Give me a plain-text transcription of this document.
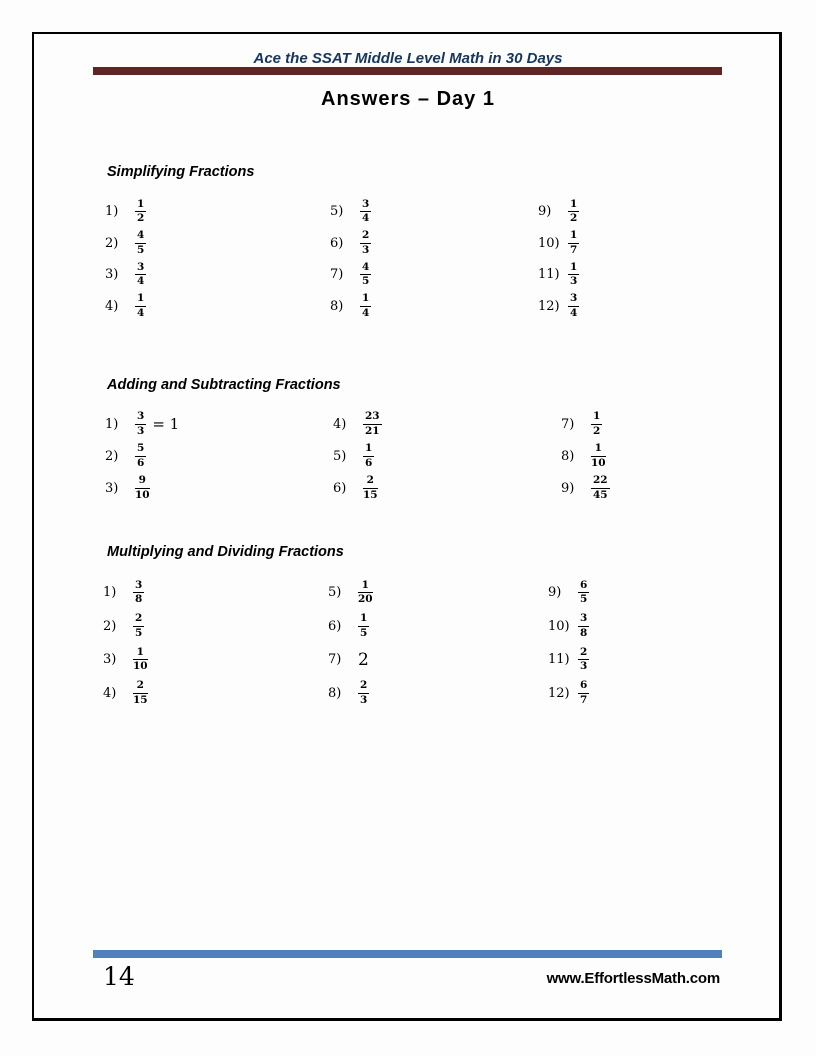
Ace the SSAT Middle Level Math in 30 Days
Answers – Day 1
Simplifying Fractions
1)	$\frac{1}{2}$
2)	$\frac{4}{5}$
3)	$\frac{3}{4}$
4)	$\frac{1}{4}$
5)	$\frac{3}{4}$
6)	$\frac{2}{3}$
7)	$\frac{4}{5}$
8)	$\frac{1}{4}$
9)	$\frac{1}{2}$
$10) \frac{1}{7}$
$11) \frac{1}{3}$
$12) \frac{3}{4}$
Adding and Subtracting Fractions
1)	$\frac{3}{3} = 1$
2)	$\frac{5}{6}$
3)	$\frac{9}{10}$
4)	$\frac{23}{21}$
5)	$\frac{1}{6}$
6)	$\frac{2}{15}$
7)	$\frac{1}{2}$
8)	$\frac{1}{10}$
9)	$\frac{22}{45}$
Multiplying and Dividing Fractions
1)	$\frac{3}{8}$
2)	$\frac{2}{5}$
3)	$\frac{1}{10}$
4)	$\frac{2}{15}$
5)	$\frac{1}{20}$
6)	$\frac{1}{5}$
7) 2
8)	$\frac{2}{3}$
9)	$\frac{6}{5}$
$10) \frac{3}{8}$
$11) \frac{2}{3}$
$12) \frac{6}{7}$
14	www.EffortlessMath.com
